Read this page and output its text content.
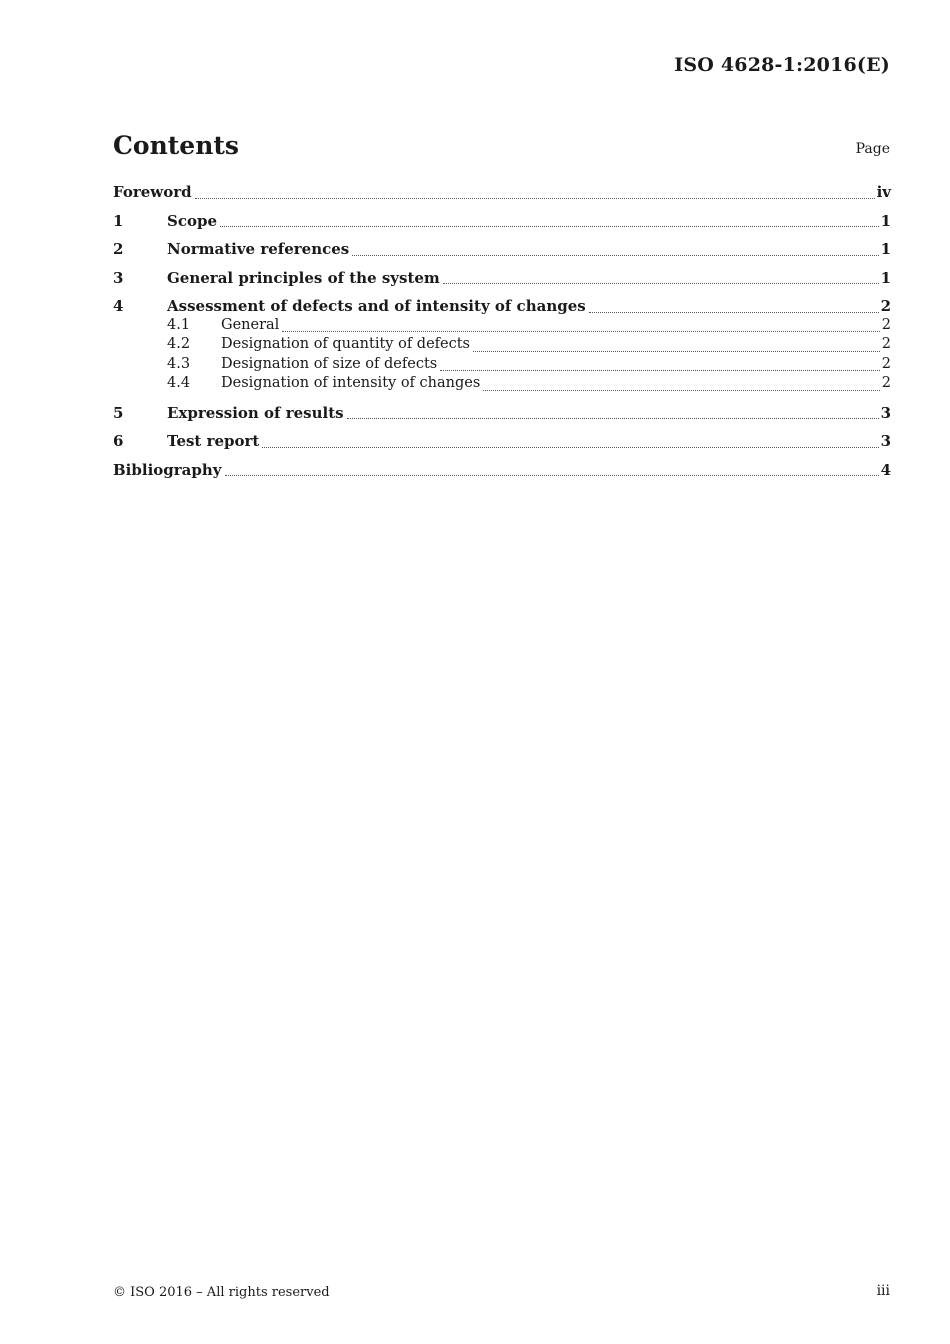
ISO 4628-1:2016(E)
Contents	Page
Foreword	iv
1	Scope	1
2	Normative references	1
3	General principles of the system	1
4	Assessment of defects and of intensity of changes	2
4.1	General	2
4.2	Designation of quantity of defects	2
4.3	Designation of size of defects	2
4.4	Designation of intensity of changes	2
5	Expression of results	3
6	Test report	3
Bibliography	4
© ISO 2016 – All rights reserved	iii
